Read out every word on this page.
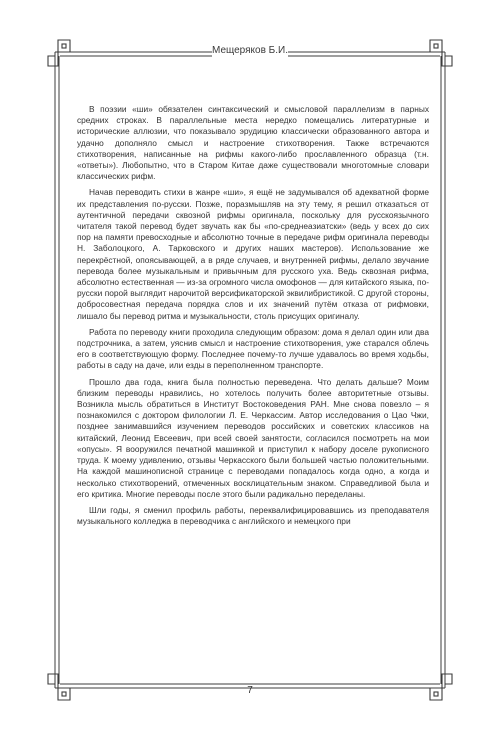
Мещеряков Б.И.

В поэзии «ши» обязателен синтаксический и смысловой параллелизм в парных средних строках. В параллельные места нередко помещались литературные и исторические аллюзии, что показывало эрудицию классически образованного автора и удачно дополняло смысл и настроение стихотворения. Также встречаются стихотворения, написанные на рифмы какого-либо прославленного образца (т.н. «ответы»). Любопытно, что в Старом Китае даже существовали многотомные словари классических рифм.

Начав переводить стихи в жанре «ши», я ещё не задумывался об адекватной форме их представления по-русски. Позже, поразмышляв на эту тему, я решил отказаться от аутентичной передачи сквозной рифмы оригинала, поскольку для русскоязычного читателя такой перевод будет звучать как бы «по-среднеазиатски» (ведь у всех до сих пор на памяти превосходные и абсолютно точные в передаче рифм оригинала переводы Н. Заболоцкого, А. Тарковского и других наших мастеров). Использование же перекрёстной, опоясывающей, а в ряде случаев, и внутренней рифмы, делало звучание перевода более музыкальным и привычным для русского уха. Ведь сквозная рифма, абсолютно естественная — из-за огромного числа омофонов — для китайского языка, по-русски порой выглядит нарочитой версификаторской эквилибристикой. С другой стороны, добросовестная передача порядка слов и их значений путём отказа от рифмовки, лишало бы перевод ритма и музыкальности, столь присущих оригиналу.

Работа по переводу книги проходила следующим образом: дома я делал один или два подстрочника, а затем, уяснив смысл и настроение стихотворения, уже старался облечь его в соответствующую форму. Последнее почему-то лучше удавалось во время ходьбы, работы в саду на даче, или езды в переполненном транспорте.

Прошло два года, книга была полностью переведена. Что делать дальше? Моим близким переводы нравились, но хотелось получить более авторитетные отзывы. Возникла мысль обратиться в Институт Востоковедения РАН. Мне снова повезло – я познакомился с доктором филологии Л. Е. Черкассим. Автор исследования о Цао Чжи, позднее занимавшийся изучением переводов российских и советских классиков на китайский, Леонид Евсеевич, при всей своей занятости, согласился посмотреть на мои «опусы». Я вооружился печатной машинкой и приступил к набору доселе рукописного труда. К моему удивлению, отзывы Черкасского были большей частью положительными. На каждой машинописной странице с переводами попадалось когда одно, а когда и несколько стихотворений, отмеченных восклицательным знаком. Справедливой была и его критика. Многие переводы после этого были радикально переделаны.

Шли годы, я сменил профиль работы, переквалифицировавшись из преподавателя музыкального колледжа в переводчика с английского и немецкого при

7
